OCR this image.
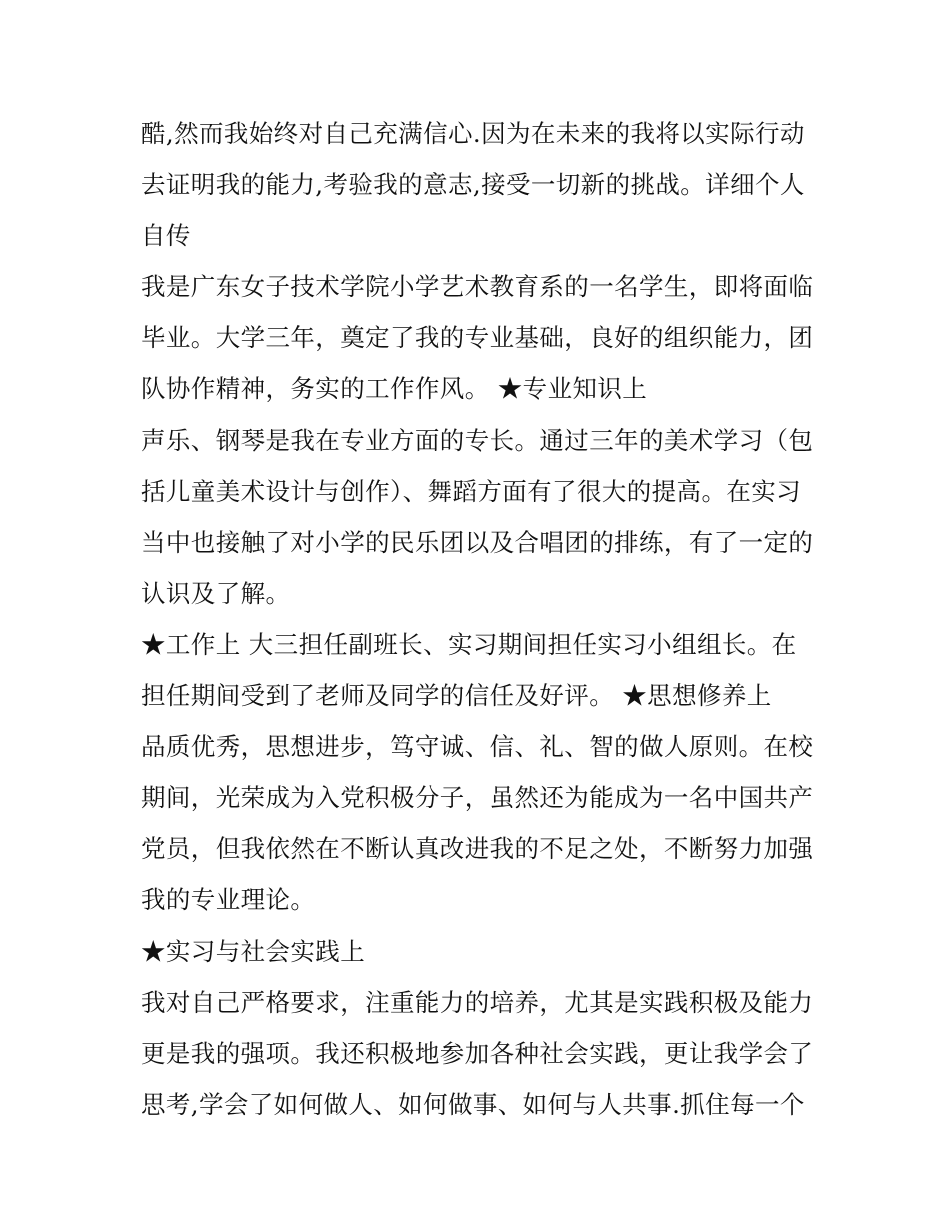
酷,然而我始终对自己充满信心.因为在未来的我将以实际行动
去证明我的能力,考验我的意志,接受一切新的挑战。详细个人
自传
我是广东女子技术学院小学艺术教育系的一名学生，即将面临
毕业。大学三年，奠定了我的专业基础，良好的组织能力，团
队协作精神，务实的工作作风。 ★专业知识上
声乐、钢琴是我在专业方面的专长。通过三年的美术学习（包
括儿童美术设计与创作）、舞蹈方面有了很大的提高。在实习
当中也接触了对小学的民乐团以及合唱团的排练，有了一定的
认识及了解。
★工作上 大三担任副班长、实习期间担任实习小组组长。在
担任期间受到了老师及同学的信任及好评。 ★思想修养上
品质优秀，思想进步，笃守诚、信、礼、智的做人原则。在校
期间，光荣成为入党积极分子，虽然还为能成为一名中国共产
党员，但我依然在不断认真改进我的不足之处，不断努力加强
我的专业理论。
★实习与社会实践上
我对自己严格要求，注重能力的培养，尤其是实践积极及能力
更是我的强项。我还积极地参加各种社会实践，更让我学会了
思考,学会了如何做人、如何做事、如何与人共事.抓住每一个
